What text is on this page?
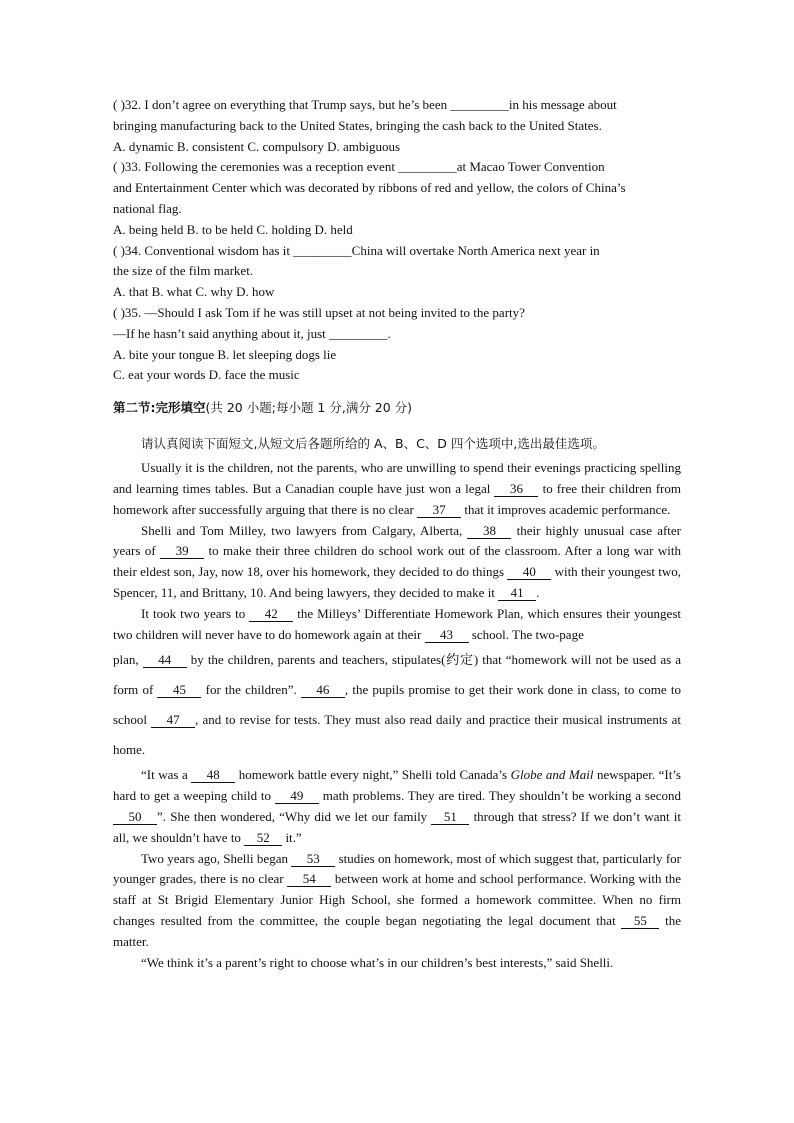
( )32. I don’t agree on everything that Trump says, but he’s been _________in his message about
bringing manufacturing back to the United States, bringing the cash back to the United States.
A. dynamic B. consistent C. compulsory D. ambiguous
( )33. Following the ceremonies was a reception event _________at Macao Tower Convention
and Entertainment Center which was decorated by ribbons of red and yellow, the colors of China’s
national flag.
A. being held B. to be held C. holding D. held
( )34. Conventional wisdom has it _________China will overtake North America next year in
the size of the film market.
A. that B. what C. why D. how
( )35. —Should I ask Tom if he was still upset at not being invited to the party?
—If he hasn’t said anything about it, just _________.
A. bite your tongue B. let sleeping dogs lie
C. eat your words D. face the music
第二节:完形填空(共 20 小题;每小题 1 分,满分 20 分)
请认真阅读下面短文,从短文后各题所给的 A、B、C、D 四个选项中,选出最佳选项。

Usually it is the children, not the parents, who are unwilling to spend their evenings practicing spelling and learning times tables. But a Canadian couple have just won a legal 36 to free their children from homework after successfully arguing that there is no clear 37 that it improves academic performance.

Shelli and Tom Milley, two lawyers from Calgary, Alberta, 38 their highly unusual case after years of 39 to make their three children do school work out of the classroom. After a long war with their eldest son, Jay, now 18, over his homework, they decided to do things 40 with their youngest two, Spencer, 11, and Brittany, 10. And being lawyers, they decided to make it 41 .

It took two years to 42 the Milleys’ Differentiate Homework Plan, which ensures their youngest two children will never have to do homework again at their 43 school. The two-page

plan, 44 by the children, parents and teachers, stipulates(约定) that “homework will not be used as a form of 45 for the children”. 46 , the pupils promise to get their work done in class, to come to school 47 , and to revise for tests. They must also read daily and practice their musical instruments at home.

“It was a 48 homework battle every night,” Shelli told Canada’s Globe and Mail newspaper. “It’s hard to get a weeping child to 49 math problems. They are tired. They shouldn’t be working a second 50 ”. She then wondered, “Why did we let our family 51 through that stress? If we don’t want it all, we shouldn’t have to 52 it.”

Two years ago, Shelli began 53 studies on homework, most of which suggest that, particularly for younger grades, there is no clear 54 between work at home and school performance. Working with the staff at St Brigid Elementary Junior High School, she formed a homework committee. When no firm changes resulted from the committee, the couple began negotiating the legal document that 55 the matter.

“We think it’s a parent’s right to choose what’s in our children’s best interests,” said Shelli.
